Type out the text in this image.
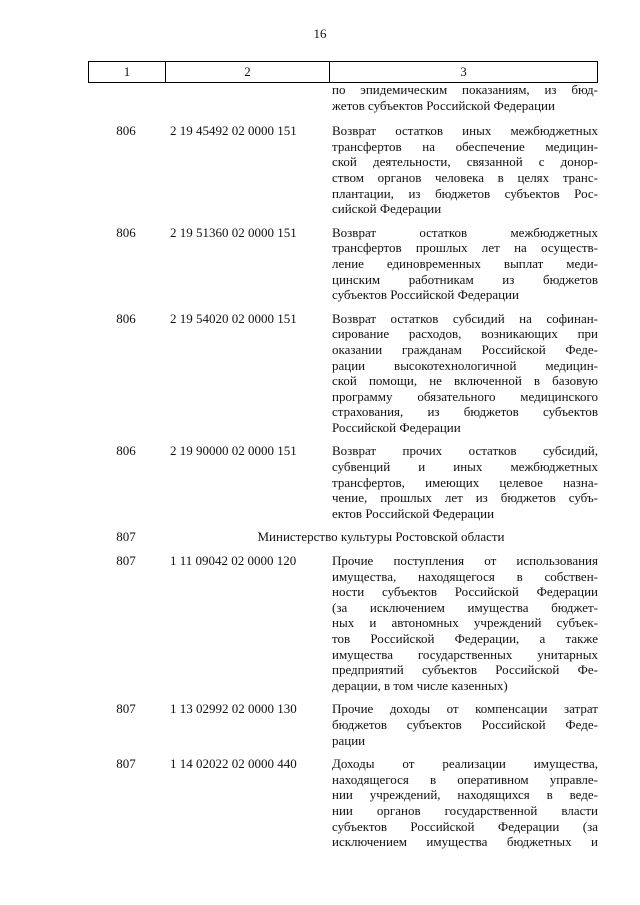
16
1	2	3
по эпидемическим показаниям, из бюд-
жетов субъектов Российской Федерации
806	2 19 45492 02 0000 151	Возврат остатков иных межбюджетных
трансфертов на обеспечение медицин-
ской деятельности, связанной с донор-
ством органов человека в целях транс-
плантации, из бюджетов субъектов Рос-
сийской Федерации
806	2 19 51360 02 0000 151	Возврат остатков межбюджетных
трансфертов прошлых лет на осуществ-
ление единовременных выплат меди-
цинским работникам из бюджетов
субъектов Российской Федерации
806	2 19 54020 02 0000 151	Возврат остатков субсидий на софинан-
сирование расходов, возникающих при
оказании гражданам Российской Феде-
рации высокотехнологичной медицин-
ской помощи, не включенной в базовую
программу обязательного медицинского
страхования, из бюджетов субъектов
Российской Федерации
806	2 19 90000 02 0000 151	Возврат прочих остатков субсидий,
субвенций и иных межбюджетных
трансфертов, имеющих целевое назна-
чение, прошлых лет из бюджетов субъ-
ектов Российской Федерации
807	Министерство культуры Ростовской области
807	1 11 09042 02 0000 120	Прочие поступления от использования
имущества, находящегося в собствен-
ности субъектов Российской Федерации
(за исключением имущества бюджет-
ных и автономных учреждений субъек-
тов Российской Федерации, а также
имущества государственных унитарных
предприятий субъектов Российской Фе-
дерации, в том числе казенных)
807	1 13 02992 02 0000 130	Прочие доходы от компенсации затрат
бюджетов субъектов Российской Феде-
рации
807	1 14 02022 02 0000 440	Доходы от реализации имущества,
находящегося в оперативном управле-
нии учреждений, находящихся в веде-
нии органов государственной власти
субъектов Российской Федерации (за
исключением имущества бюджетных и
